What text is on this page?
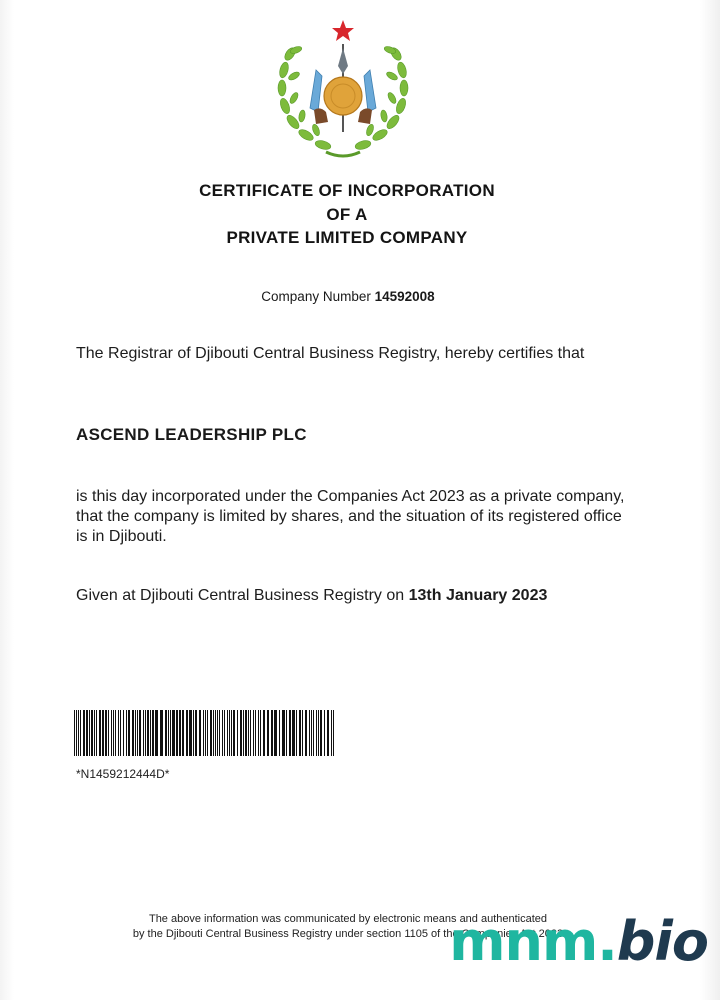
CERTIFICATE OF INCORPORATION
OF A
PRIVATE LIMITED COMPANY
Company Number 14592008
The Registrar of Djibouti Central Business Registry, hereby certifies that
ASCEND LEADERSHIP PLC
is this day incorporated under the Companies Act 2023 as a private company, that the company is limited by shares, and the situation of its registered office is in Djibouti.
Given at Djibouti Central Business Registry on 13th January 2023
*N1459212444D*
The above information was communicated by electronic means and authenticated
by the Djibouti Central Business Registry under section 1105 of the Companies Act 2023
mnm.bio
